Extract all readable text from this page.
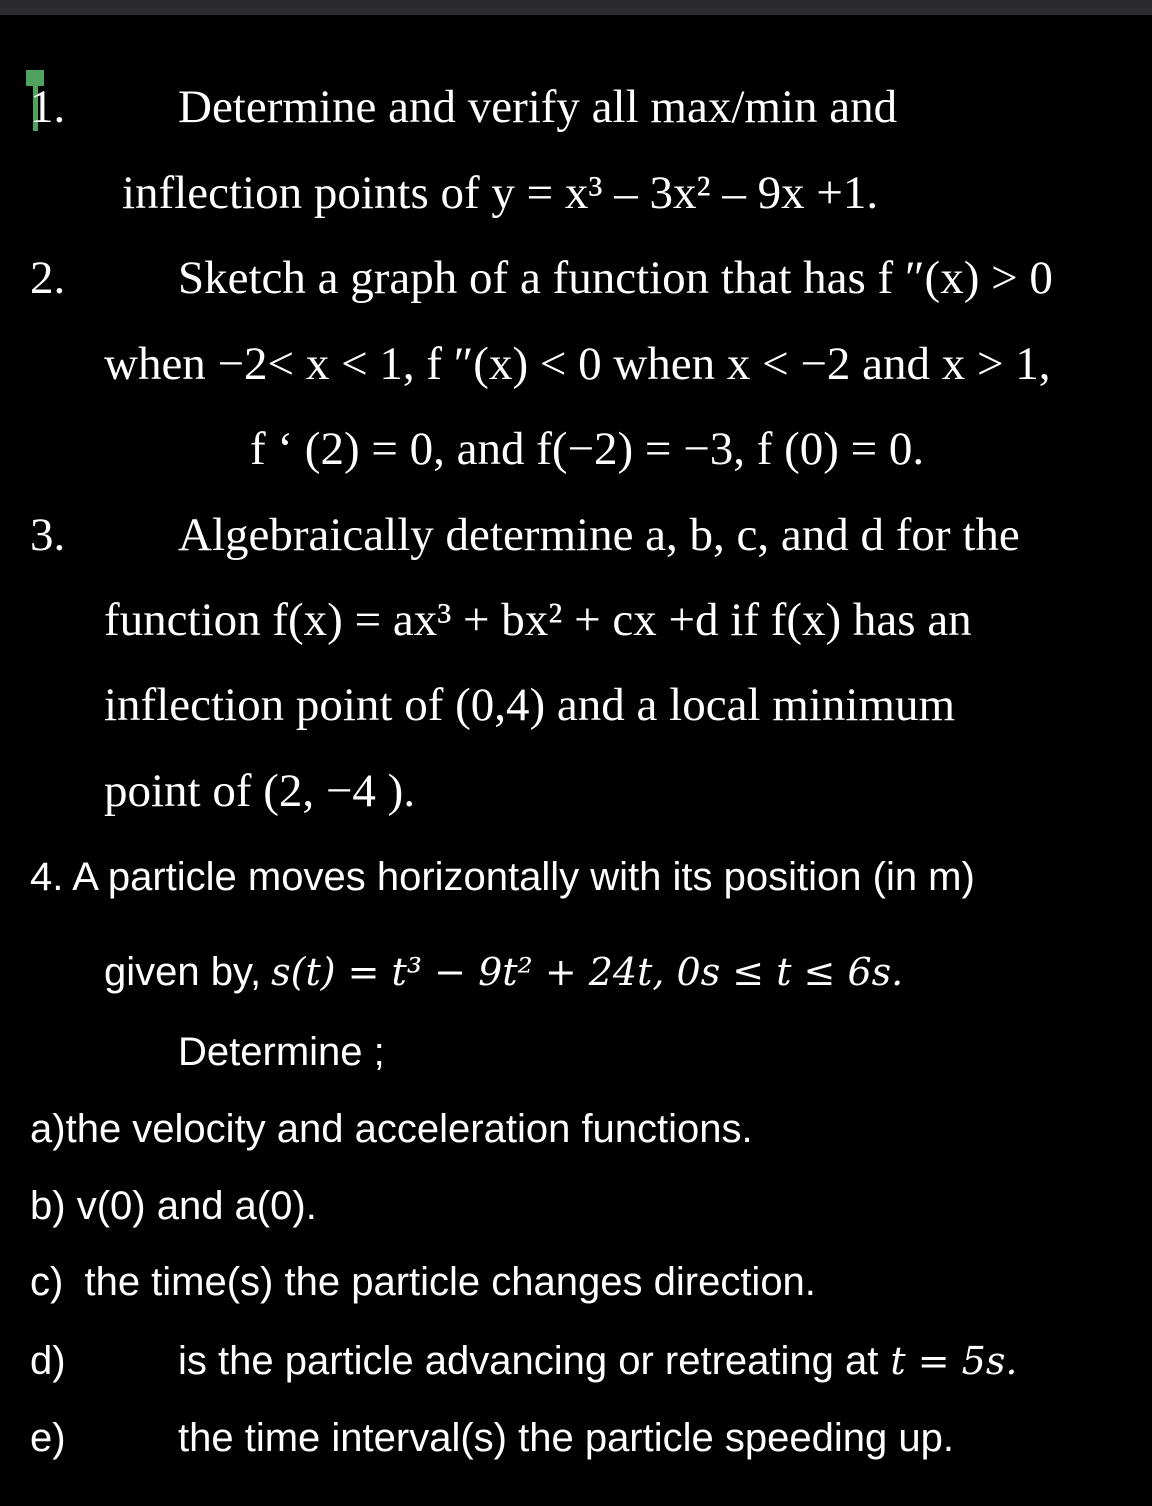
1. Determine and verify all max/min and
inflection points of y = x³ – 3x² – 9x +1.
2. Sketch a graph of a function that has f ″(x) > 0
when −2< x < 1, f ″(x) < 0 when x < −2 and x > 1,
f ‘ (2) = 0, and f(−2) = −3, f (0) = 0.
3. Algebraically determine a, b, c, and d for the
function f(x) = ax³ + bx² + cx +d if f(x) has an
inflection point of (0,4) and a local minimum
point of (2, −4 ).
4. A particle moves horizontally with its position (in m)
given by, s(t) = t³ − 9t² + 24t, 0s ≤ t ≤ 6s.
Determine ;
a)the velocity and acceleration functions.
b) v(0) and a(0).
c) the time(s) the particle changes direction.
d)	is the particle advancing or retreating at t = 5s.
e)	the time interval(s) the particle speeding up.
